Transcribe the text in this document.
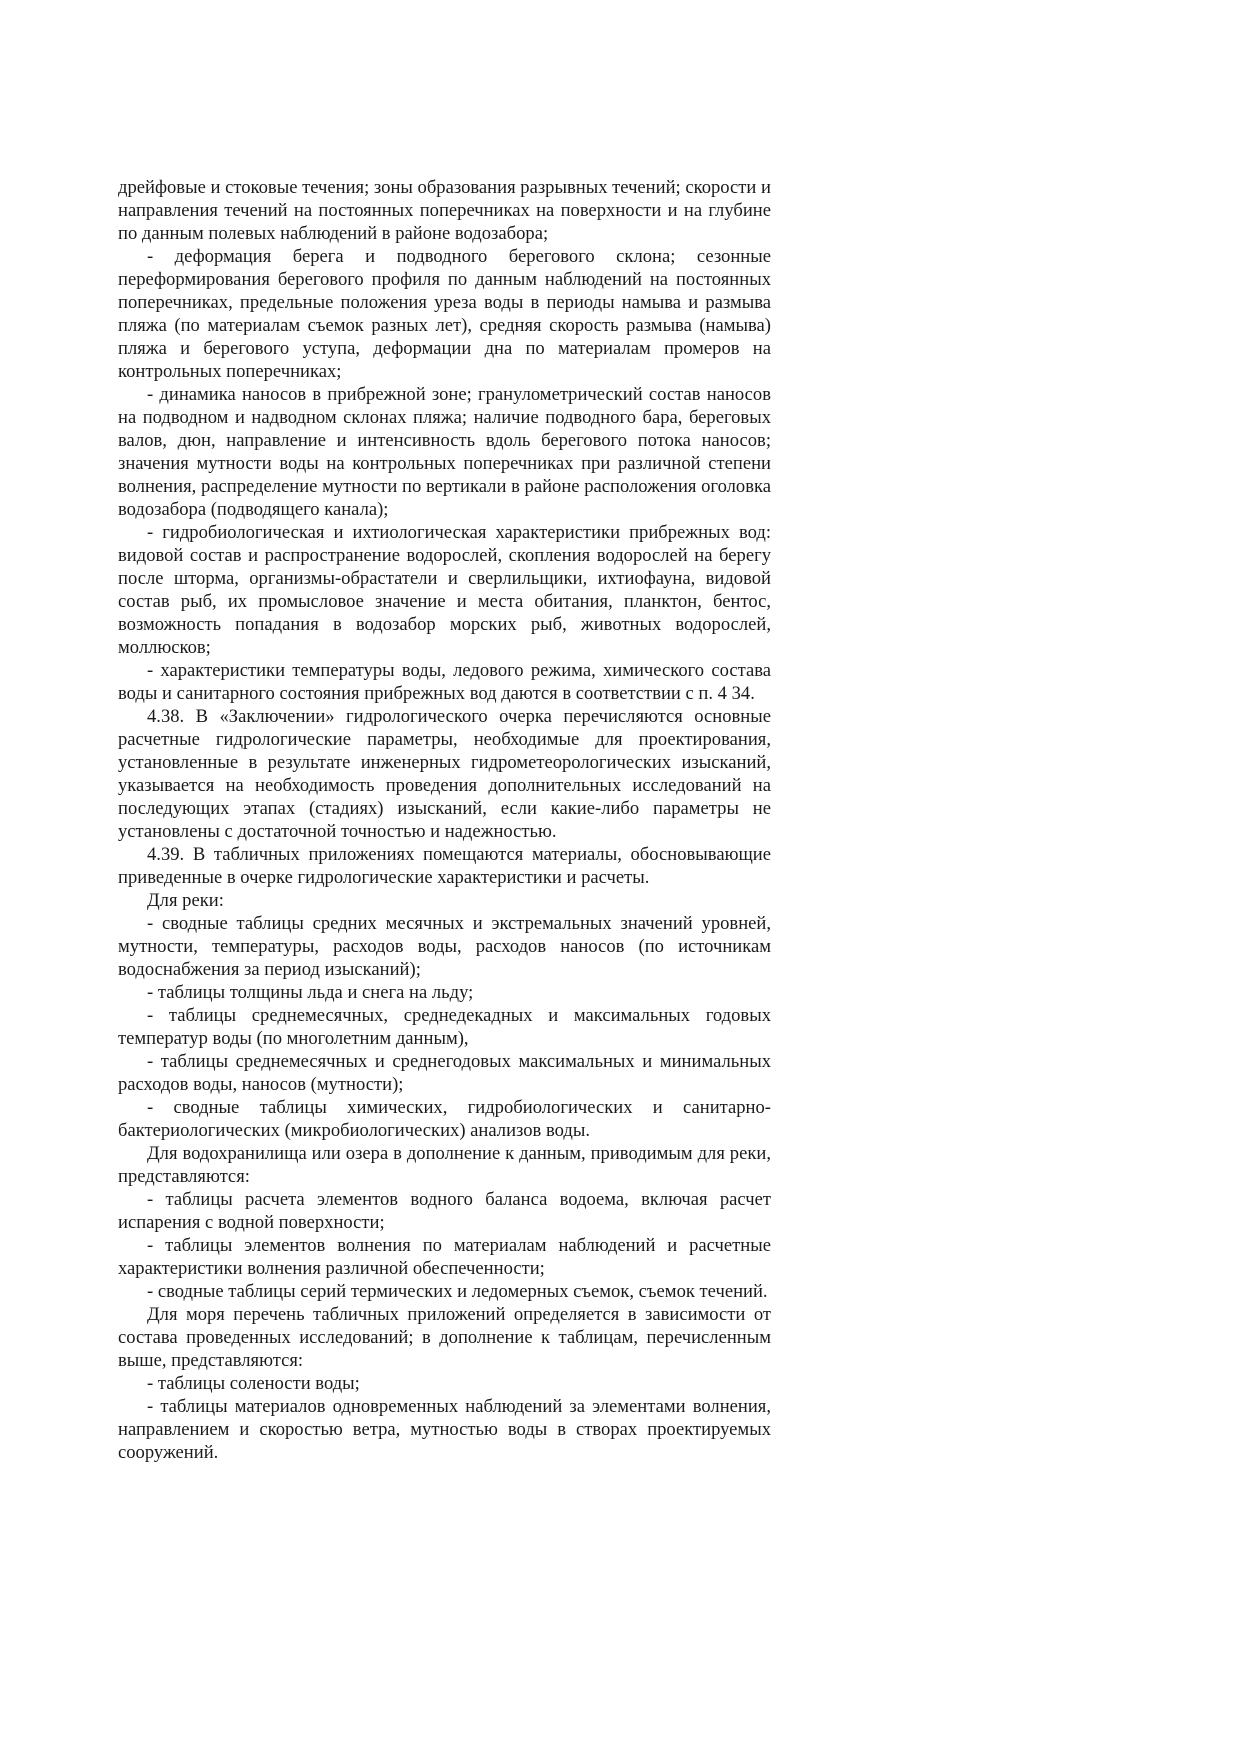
дрейфовые и стоковые течения; зоны образования разрывных течений; скорости и направления течений на постоянных поперечниках на поверхности и на глубине по данным полевых наблюдений в районе водозабора;

- деформация берега и подводного берегового склона; сезонные переформирования берегового профиля по данным наблюдений на постоянных поперечниках, предельные положения уреза воды в периоды намыва и размыва пляжа (по материалам съемок разных лет), средняя скорость размыва (намыва) пляжа и берегового уступа, деформации дна по материалам промеров на контрольных поперечниках;

- динамика наносов в прибрежной зоне; гранулометрический состав наносов на подводном и надводном склонах пляжа; наличие подводного бара, береговых валов, дюн, направление и интенсивность вдоль берегового потока наносов; значения мутности воды на контрольных поперечниках при различной степени волнения, распределение мутности по вертикали в районе расположения оголовка водозабора (подводящего канала);

- гидробиологическая и ихтиологическая характеристики прибрежных вод: видовой состав и распространение водорослей, скопления водорослей на берегу после шторма, организмы-обрастатели и сверлильщики, ихтиофауна, видовой состав рыб, их промысловое значение и места обитания, планктон, бентос, возможность попадания в водозабор морских рыб, животных водорослей, моллюсков;

- характеристики температуры воды, ледового режима, химического состава воды и санитарного состояния прибрежных вод даются в соответствии с п. 4 34.

4.38. В «Заключении» гидрологического очерка перечисляются основные расчетные гидрологические параметры, необходимые для проектирования, установленные в результате инженерных гидрометеорологических изысканий, указывается на необходимость проведения дополнительных исследований на последующих этапах (стадиях) изысканий, если какие-либо параметры не установлены с достаточной точностью и надежностью.

4.39. В табличных приложениях помещаются материалы, обосновывающие приведенные в очерке гидрологические характеристики и расчеты.

Для реки:

- сводные таблицы средних месячных и экстремальных значений уровней, мутности, температуры, расходов воды, расходов наносов (по источникам водоснабжения за период изысканий);

- таблицы толщины льда и снега на льду;

- таблицы среднемесячных, среднедекадных и максимальных годовых температур воды (по многолетним данным),

- таблицы среднемесячных и среднегодовых максимальных и минимальных расходов воды, наносов (мутности);

- сводные таблицы химических, гидробиологических и санитарно-бактериологических (микробиологических) анализов воды.

Для водохранилища или озера в дополнение к данным, приводимым для реки, представляются:

- таблицы расчета элементов водного баланса водоема, включая расчет испарения с водной поверхности;

- таблицы элементов волнения по материалам наблюдений и расчетные характеристики волнения различной обеспеченности;

- сводные таблицы серий термических и ледомерных съемок, съемок течений.

Для моря перечень табличных приложений определяется в зависимости от состава проведенных исследований; в дополнение к таблицам, перечисленным выше, представляются:

- таблицы солености воды;

- таблицы материалов одновременных наблюдений за элементами волнения, направлением и скоростью ветра, мутностью воды в створах проектируемых сооружений.
